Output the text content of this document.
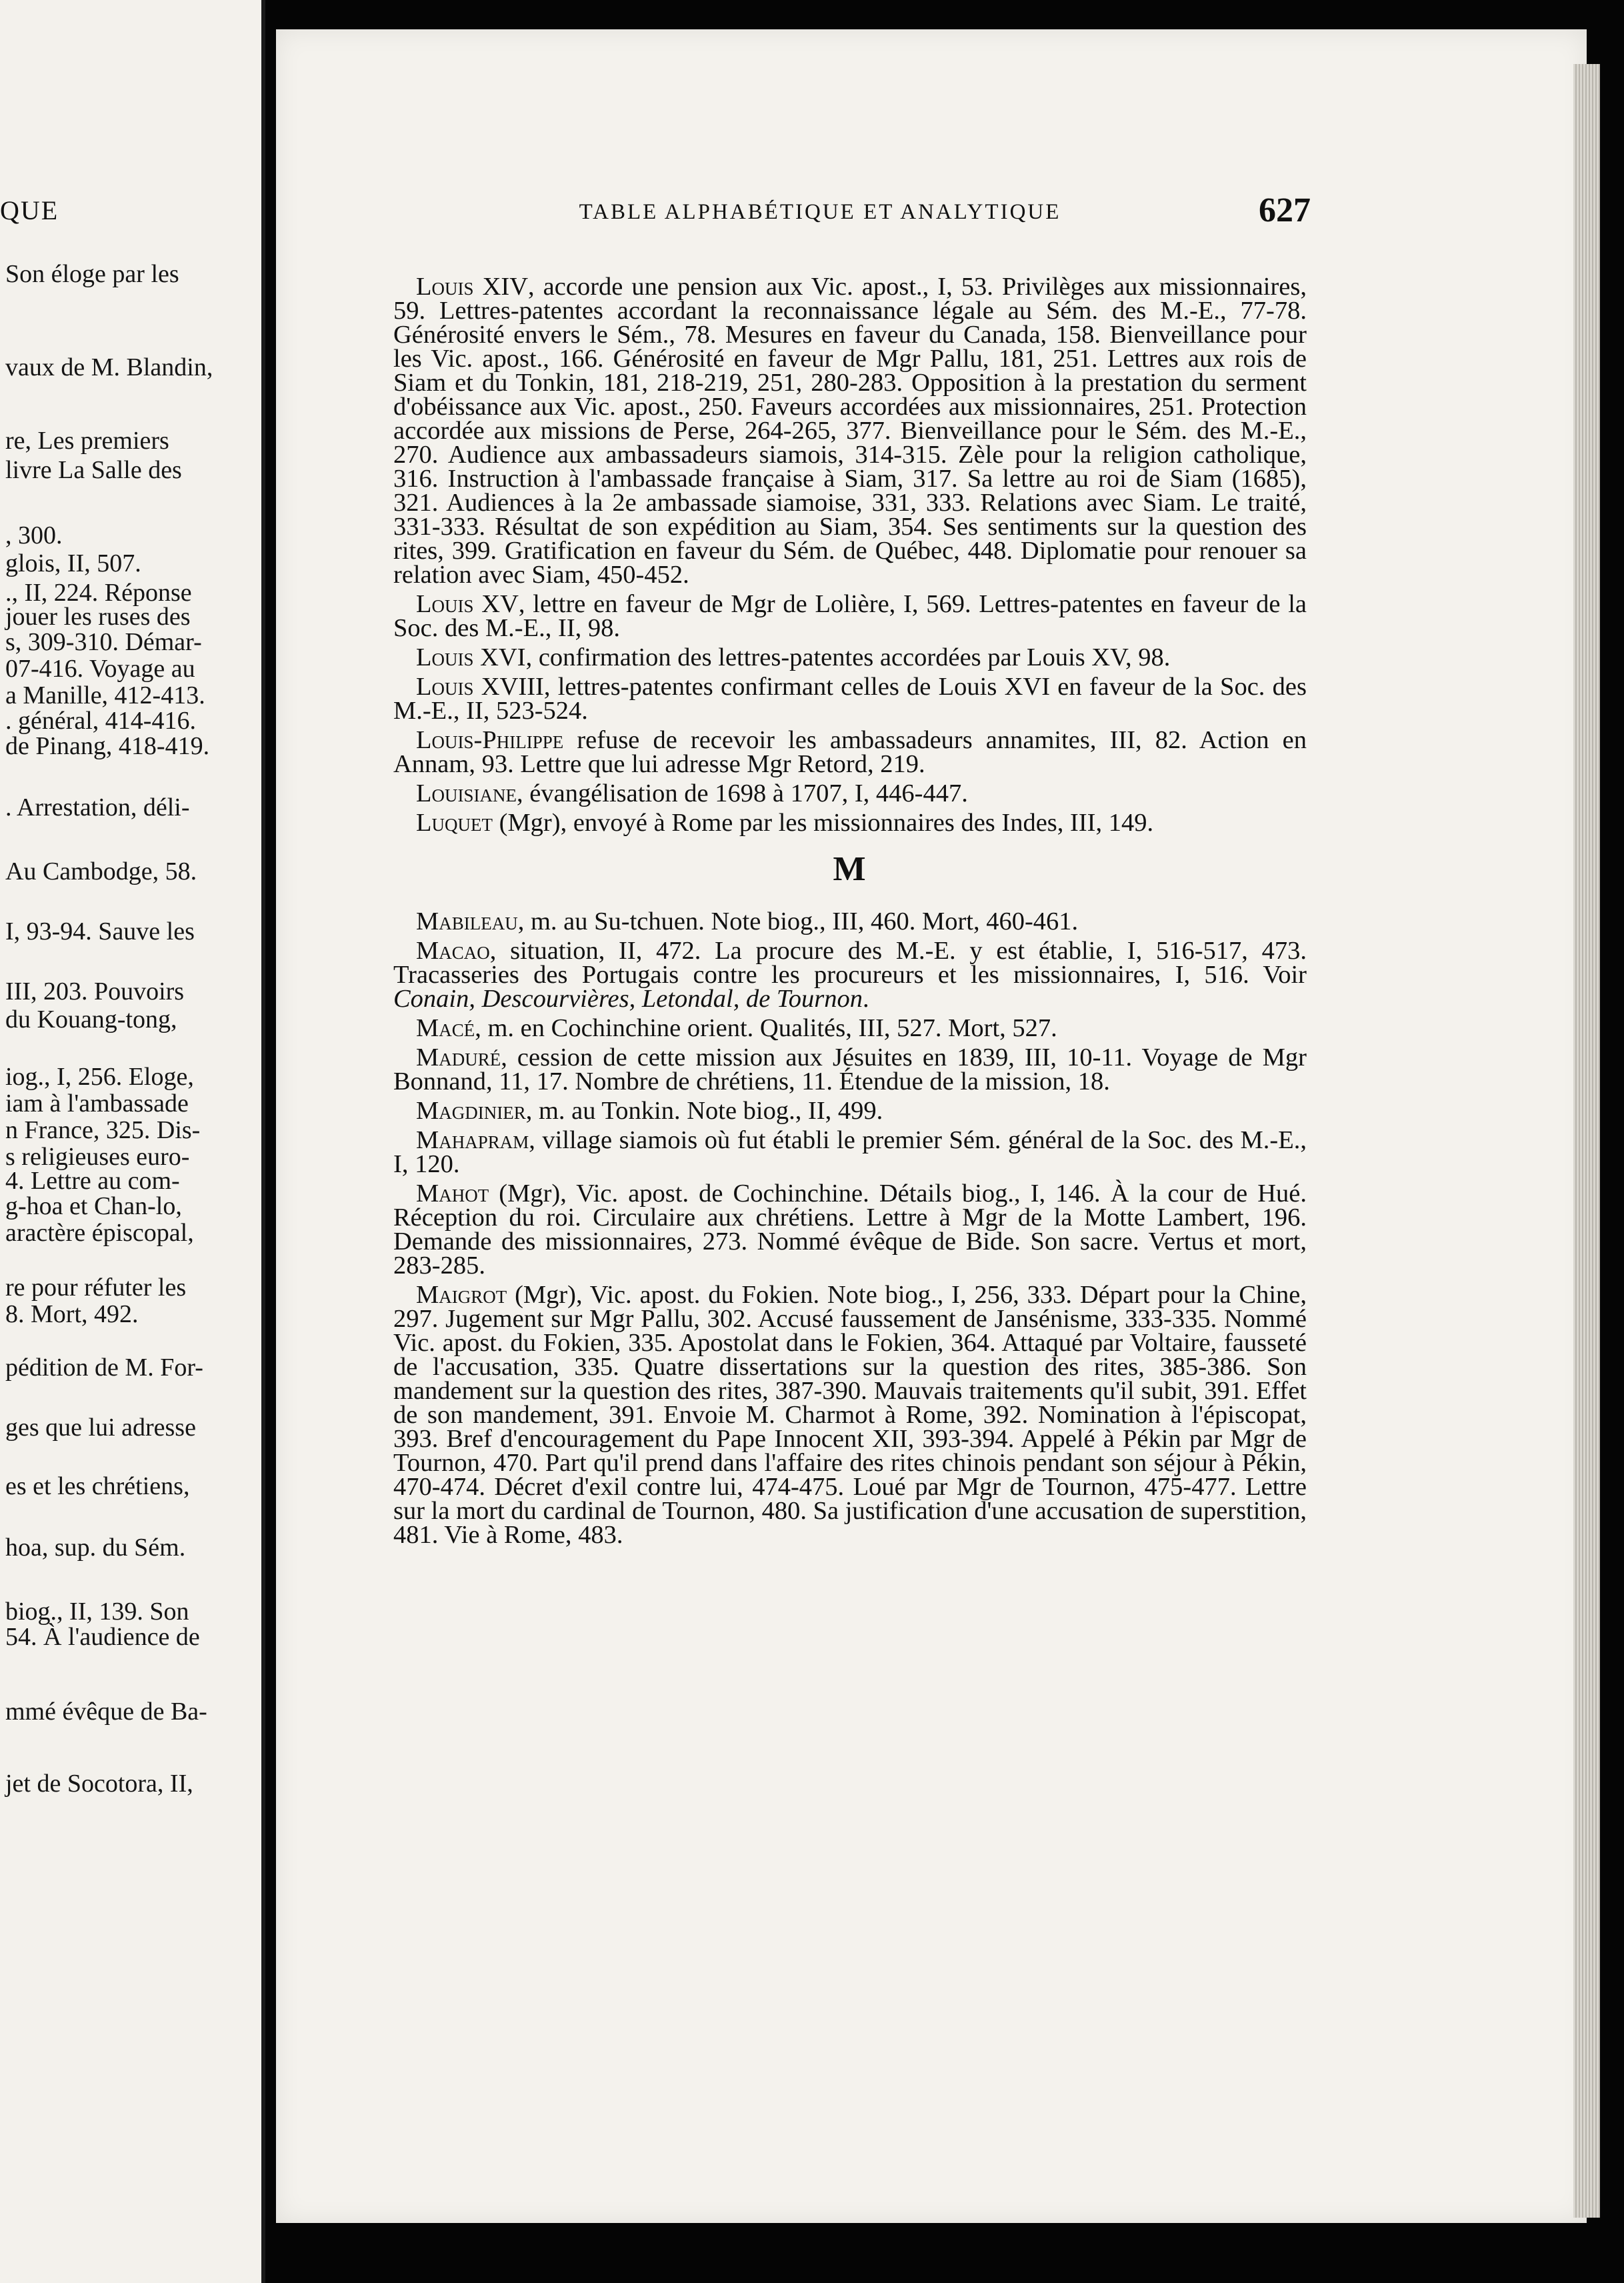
QUE
Son éloge par les
vaux de M. Blandin,
re, Les premiers
livre La Salle des
, 300.
glois, II, 507.
., II, 224. Réponse
jouer les ruses des
s, 309-310. Démar-
07-416. Voyage au
a Manille, 412-413.
. général, 414-416.
de Pinang, 418-419.
. Arrestation, déli-
Au Cambodge, 58.
I, 93-94. Sauve les
III, 203. Pouvoirs
du Kouang-tong,
iog., I, 256. Eloge,
iam à l'ambassade
n France, 325. Dis-
s religieuses euro-
4. Lettre au com-
g-hoa et Chan-lo,
aractère épiscopal,
re pour réfuter les
8. Mort, 492.
pédition de M. For-
ges que lui adresse
es et les chrétiens,
hoa, sup. du Sém.
biog., II, 139. Son
54. À l'audience de
mmé évêque de Ba-
jet de Socotora, II,
TABLE ALPHABÉTIQUE ET ANALYTIQUE	627

Louis XIV, accorde une pension aux Vic. apost., I, 53. Privilèges aux missionnaires, 59. Lettres-patentes accordant la reconnaissance légale au Sém. des M.-E., 77-78. Générosité envers le Sém., 78. Mesures en faveur du Canada, 158. Bienveillance pour les Vic. apost., 166. Générosité en faveur de Mgr Pallu, 181, 251. Lettres aux rois de Siam et du Tonkin, 181, 218-219, 251, 280-283. Opposition à la prestation du serment d'obéissance aux Vic. apost., 250. Faveurs accordées aux missionnaires, 251. Protection accordée aux missions de Perse, 264-265, 377. Bienveillance pour le Sém. des M.-E., 270. Audience aux ambassadeurs siamois, 314-315. Zèle pour la religion catholique, 316. Instruction à l'ambassade française à Siam, 317. Sa lettre au roi de Siam (1685), 321. Audiences à la 2e ambassade siamoise, 331, 333. Relations avec Siam. Le traité, 331-333. Résultat de son expédition au Siam, 354. Ses sentiments sur la question des rites, 399. Gratification en faveur du Sém. de Québec, 448. Diplomatie pour renouer sa relation avec Siam, 450-452.

Louis XV, lettre en faveur de Mgr de Lolière, I, 569. Lettres-patentes en faveur de la Soc. des M.-E., II, 98.

Louis XVI, confirmation des lettres-patentes accordées par Louis XV, 98.

Louis XVIII, lettres-patentes confirmant celles de Louis XVI en faveur de la Soc. des M.-E., II, 523-524.

Louis-Philippe refuse de recevoir les ambassadeurs annamites, III, 82. Action en Annam, 93. Lettre que lui adresse Mgr Retord, 219.

Louisiane, évangélisation de 1698 à 1707, I, 446-447.

Luquet (Mgr), envoyé à Rome par les missionnaires des Indes, III, 149.

M

Mabileau, m. au Su-tchuen. Note biog., III, 460. Mort, 460-461.

Macao, situation, II, 472. La procure des M.-E. y est établie, I, 516-517, 473. Tracasseries des Portugais contre les procureurs et les missionnaires, I, 516. Voir Conain, Descourvières, Letondal, de Tournon.

Macé, m. en Cochinchine orient. Qualités, III, 527. Mort, 527.

Maduré, cession de cette mission aux Jésuites en 1839, III, 10-11. Voyage de Mgr Bonnand, 11, 17. Nombre de chrétiens, 11. Étendue de la mission, 18.

Magdinier, m. au Tonkin. Note biog., II, 499.

Mahapram, village siamois où fut établi le premier Sém. général de la Soc. des M.-E., I, 120.

Mahot (Mgr), Vic. apost. de Cochinchine. Détails biog., I, 146. À la cour de Hué. Réception du roi. Circulaire aux chrétiens. Lettre à Mgr de la Motte Lambert, 196. Demande des missionnaires, 273. Nommé évêque de Bide. Son sacre. Vertus et mort, 283-285.

Maigrot (Mgr), Vic. apost. du Fokien. Note biog., I, 256, 333. Départ pour la Chine, 297. Jugement sur Mgr Pallu, 302. Accusé faussement de Jansénisme, 333-335. Nommé Vic. apost. du Fokien, 335. Apostolat dans le Fokien, 364. Attaqué par Voltaire, fausseté de l'accusation, 335. Quatre dissertations sur la question des rites, 385-386. Son mandement sur la question des rites, 387-390. Mauvais traitements qu'il subit, 391. Effet de son mandement, 391. Envoie M. Charmot à Rome, 392. Nomination à l'épiscopat, 393. Bref d'encouragement du Pape Innocent XII, 393-394. Appelé à Pékin par Mgr de Tournon, 470. Part qu'il prend dans l'affaire des rites chinois pendant son séjour à Pékin, 470-474. Décret d'exil contre lui, 474-475. Loué par Mgr de Tournon, 475-477. Lettre sur la mort du cardinal de Tournon, 480. Sa justification d'une accusation de superstition, 481. Vie à Rome, 483.
